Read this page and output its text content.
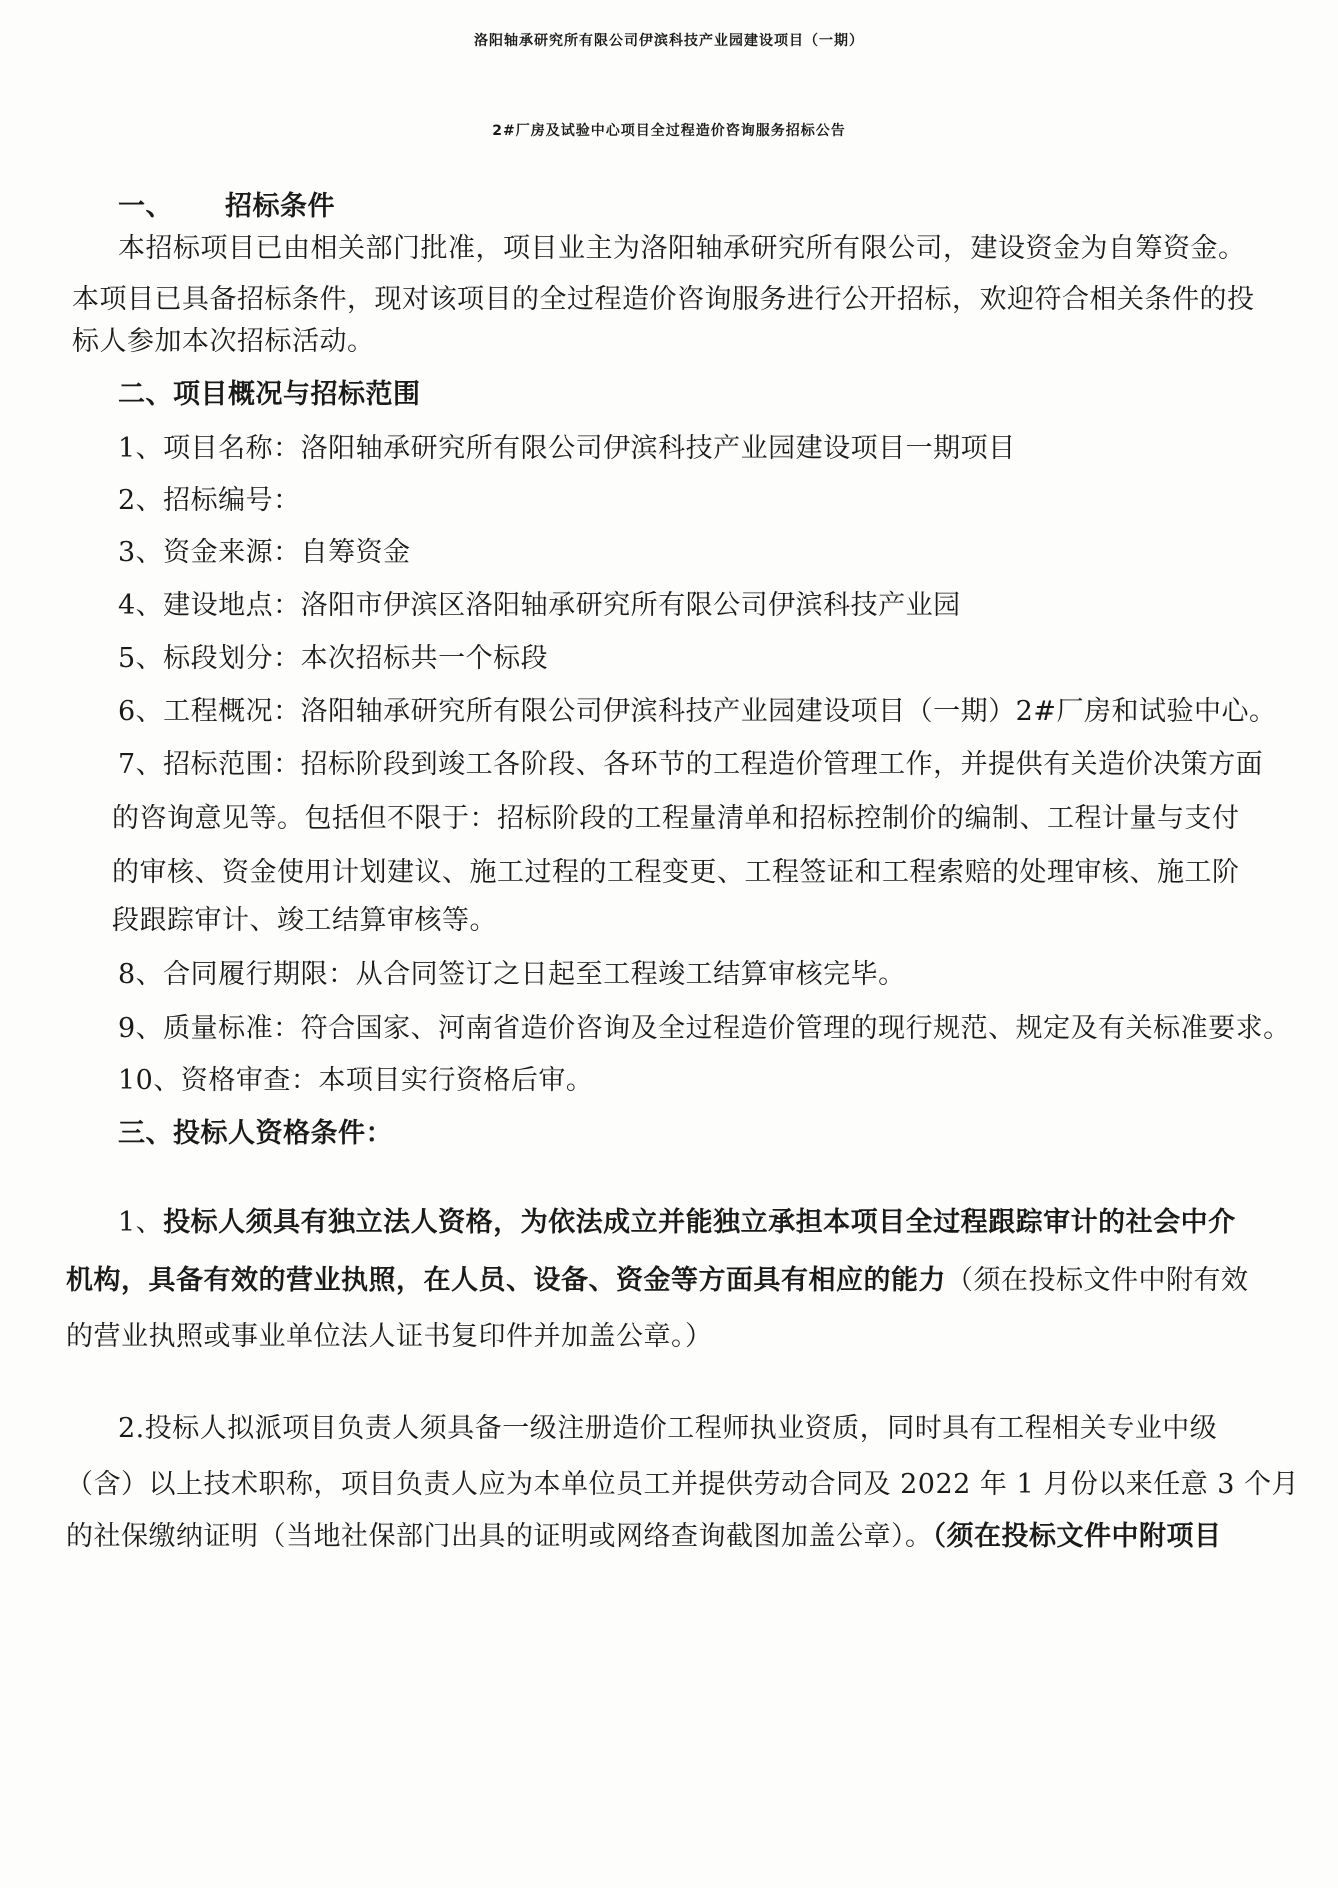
洛阳轴承研究所有限公司伊滨科技产业园建设项目（一期）
2#厂房及试验中心项目全过程造价咨询服务招标公告
一、 招标条件
本招标项目已由相关部门批准，项目业主为洛阳轴承研究所有限公司，建设资金为自筹资金。
本项目已具备招标条件，现对该项目的全过程造价咨询服务进行公开招标，欢迎符合相关条件的投
标人参加本次招标活动。
二、项目概况与招标范围
1、项目名称：洛阳轴承研究所有限公司伊滨科技产业园建设项目一期项目
2、招标编号：
3、资金来源：自筹资金
4、建设地点：洛阳市伊滨区洛阳轴承研究所有限公司伊滨科技产业园
5、标段划分：本次招标共一个标段
6、工程概况：洛阳轴承研究所有限公司伊滨科技产业园建设项目（一期）2#厂房和试验中心。
7、招标范围：招标阶段到竣工各阶段、各环节的工程造价管理工作，并提供有关造价决策方面
的咨询意见等。包括但不限于：招标阶段的工程量清单和招标控制价的编制、工程计量与支付
的审核、资金使用计划建议、施工过程的工程变更、工程签证和工程索赔的处理审核、施工阶
段跟踪审计、竣工结算审核等。
8、合同履行期限：从合同签订之日起至工程竣工结算审核完毕。
9、质量标准：符合国家、河南省造价咨询及全过程造价管理的现行规范、规定及有关标准要求。
10、资格审查：本项目实行资格后审。
三、投标人资格条件：
1、投标人须具有独立法人资格，为依法成立并能独立承担本项目全过程跟踪审计的社会中介
机构，具备有效的营业执照，在人员、设备、资金等方面具有相应的能力（须在投标文件中附有效
的营业执照或事业单位法人证书复印件并加盖公章。）
2.投标人拟派项目负责人须具备一级注册造价工程师执业资质，同时具有工程相关专业中级
（含）以上技术职称，项目负责人应为本单位员工并提供劳动合同及 2022 年 1 月份以来任意 3 个月
的社保缴纳证明（当地社保部门出具的证明或网络查询截图加盖公章）。（须在投标文件中附项目
